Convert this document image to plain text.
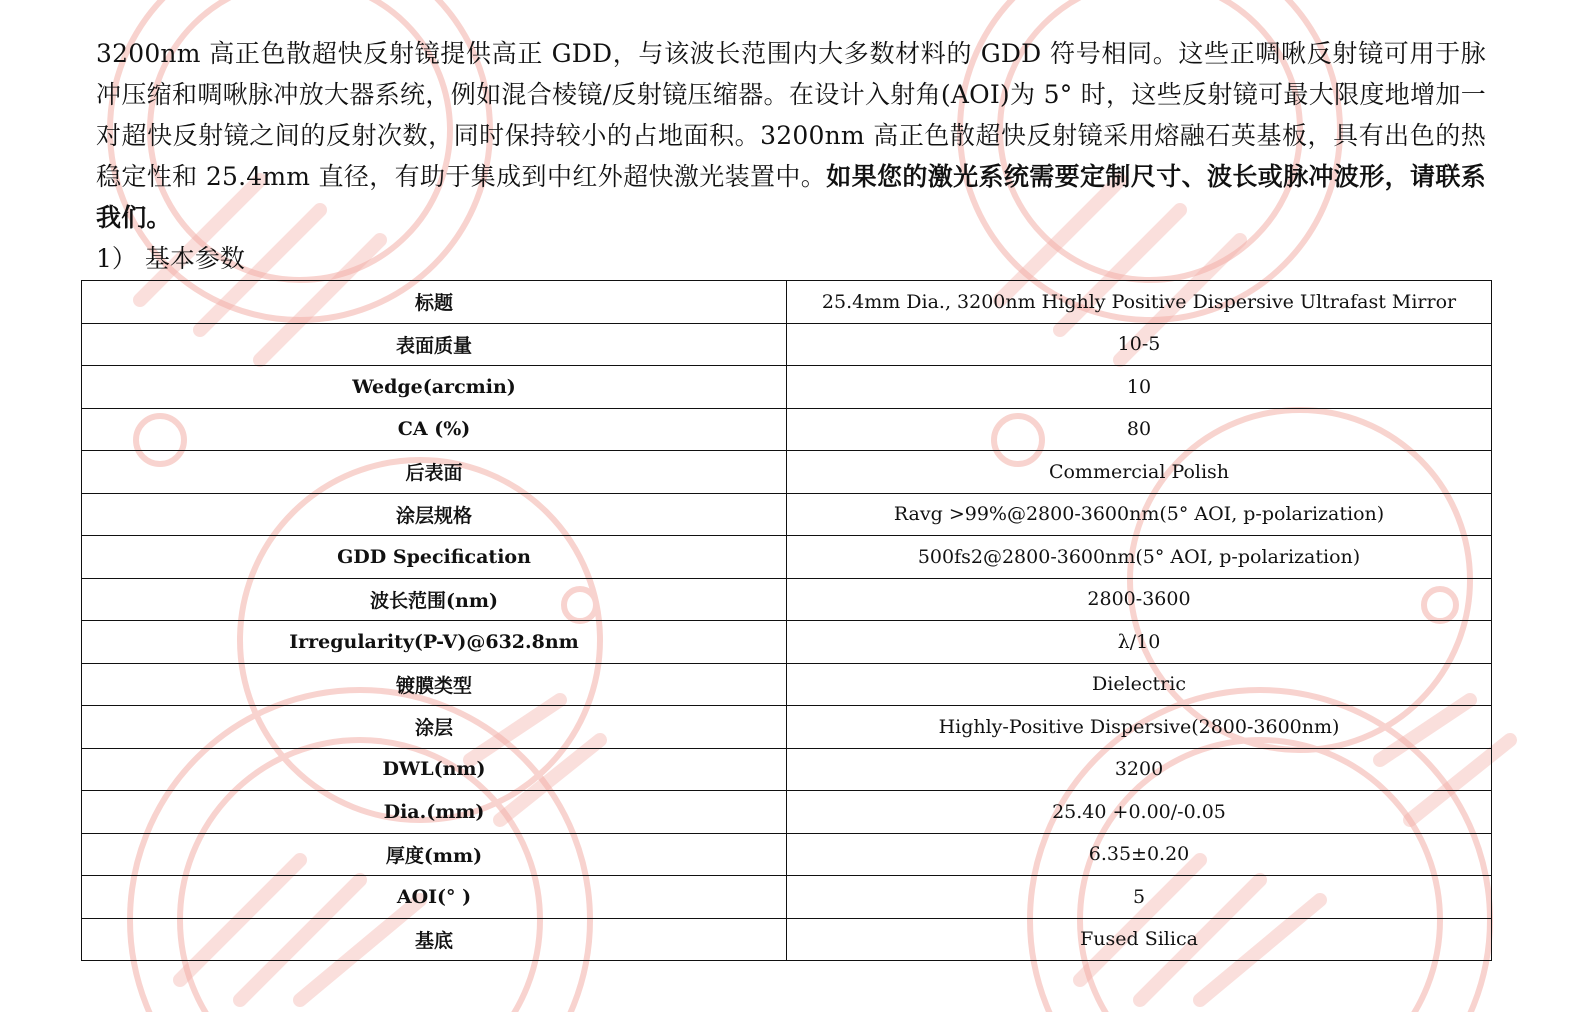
3200nm 高正色散超快反射镜提供高正 GDD，与该波长范围内大多数材料的 GDD 符号相同。这些正啁啾反射镜可用于脉冲压缩和啁啾脉冲放大器系统，例如混合棱镜/反射镜压缩器。在设计入射角(AOI)为 5° 时，这些反射镜可最大限度地增加一对超快反射镜之间的反射次数，同时保持较小的占地面积。3200nm 高正色散超快反射镜采用熔融石英基板，具有出色的热稳定性和 25.4mm 直径，有助于集成到中红外超快激光装置中。如果您的激光系统需要定制尺寸、波长或脉冲波形，请联系我们。

1） 基本参数
标题	25.4mm Dia., 3200nm Highly Positive Dispersive Ultrafast Mirror
表面质量	10-5
Wedge(arcmin)	10
CA (%)	80
后表面	Commercial Polish
涂层规格	Ravg >99%@2800-3600nm(5° AOI, p-polarization)
GDD Specification	500fs2@2800-3600nm(5° AOI, p-polarization)
波长范围(nm)	2800-3600
Irregularity(P-V)@632.8nm	λ/10
镀膜类型	Dielectric
涂层	Highly-Positive Dispersive(2800-3600nm)
DWL(nm)	3200
Dia.(mm)	25.40 +0.00/-0.05
厚度(mm)	6.35±0.20
AOI(° )	5
基底	Fused Silica
